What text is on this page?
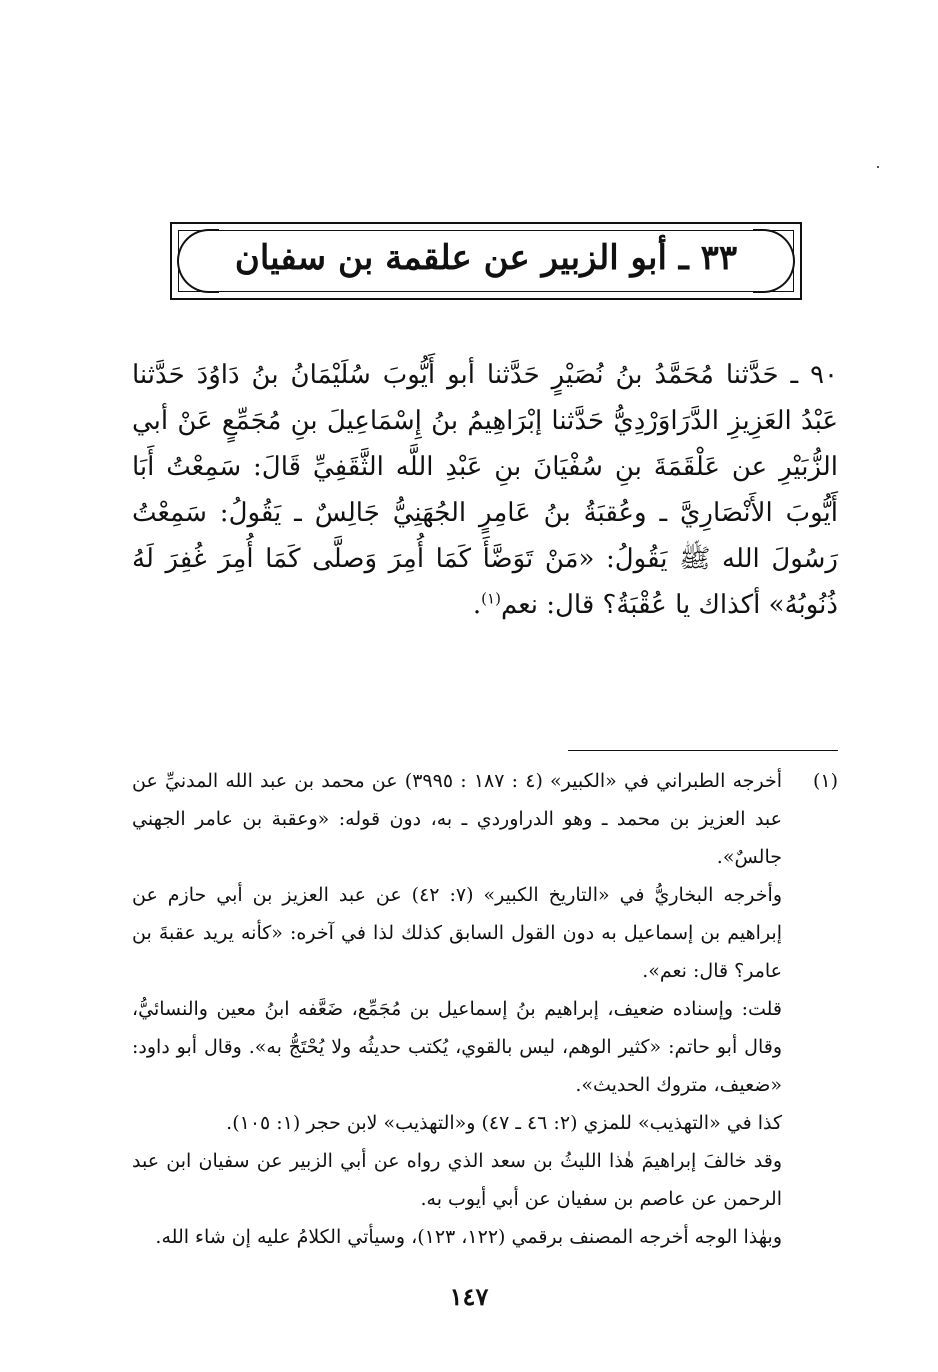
٣٣ ـ أبو الزبير عن علقمة بن سفيان

٩٠ ـ حَدَّثنا مُحَمَّدُ بنُ نُصَيْرٍ حَدَّثنا أبو أَيُّوبَ سُلَيْمَانُ بنُ دَاوُدَ حَدَّثنا عَبْدُ العَزِيزِ الدَّرَاوَرْدِيُّ حَدَّثنا إبْرَاهِيمُ بنُ إِسْمَاعِيلَ بنِ مُجَمِّعٍ عَنْ أبي الزُّبَيْرِ عن عَلْقَمَةَ بنِ سُفْيَانَ بنِ عَبْدِ اللَّه الثَّقَفِيِّ قَالَ: سَمِعْتُ أَبَا أَيُّوبَ الأَنْصَارِيَّ ـ وعُقبَةُ بنُ عَامِرٍ الجُهَنِيُّ جَالِسٌ ـ يَقُولُ: سَمِعْتُ رَسُولَ الله ﷺ يَقُولُ: «مَنْ تَوَضَّأَ كَمَا أُمِرَ وَصلَّى كَمَا أُمِرَ غُفِرَ لَهُ ذُنُوبُهُ» أكذاك يا عُقْبَةُ؟ قال: نعم$^{(١)}$.

(١)

أخرجه الطبراني في «الكبير» (٤ : ١٨٧ : ٣٩٩٥) عن محمد بن عبد الله المدنيِّ عن عبد العزيز بن محمد ـ وهو الدراوردي ـ به، دون قوله: «وعقبة بن عامر الجهني جالسٌ».

وأخرجه البخاريُّ في «التاريخ الكبير» (٧: ٤٢) عن عبد العزيز بن أبي حازم عن إبراهيم بن إسماعيل به دون القول السابق كذلك لذا في آخره: «كأنه يريد عقبةَ بن عامر؟ قال: نعم».

قلت: وإسناده ضعيف، إبراهيم بنُ إسماعيل بن مُجَمِّع، ضَعَّفه ابنُ معين والنسائيُّ، وقال أبو حاتم: «كثير الوهم، ليس بالقوي، يُكتب حديثُه ولا يُحْتَجُّ به». وقال أبو داود: «ضعيف، متروك الحديث».

كذا في «التهذيب» للمزي (٢: ٤٦ ـ ٤٧) و«التهذيب» لابن حجر (١: ١٠٥).

وقد خالفَ إبراهيمَ هٰذا الليثُ بن سعد الذي رواه عن أبي الزبير عن سفيان ابن عبد الرحمن عن عاصم بن سفيان عن أبي أيوب به.

وبهٰذا الوجه أخرجه المصنف برقمي (١٢٢، ١٢٣)، وسيأتي الكلامُ عليه إن شاء الله.

١٤٧
